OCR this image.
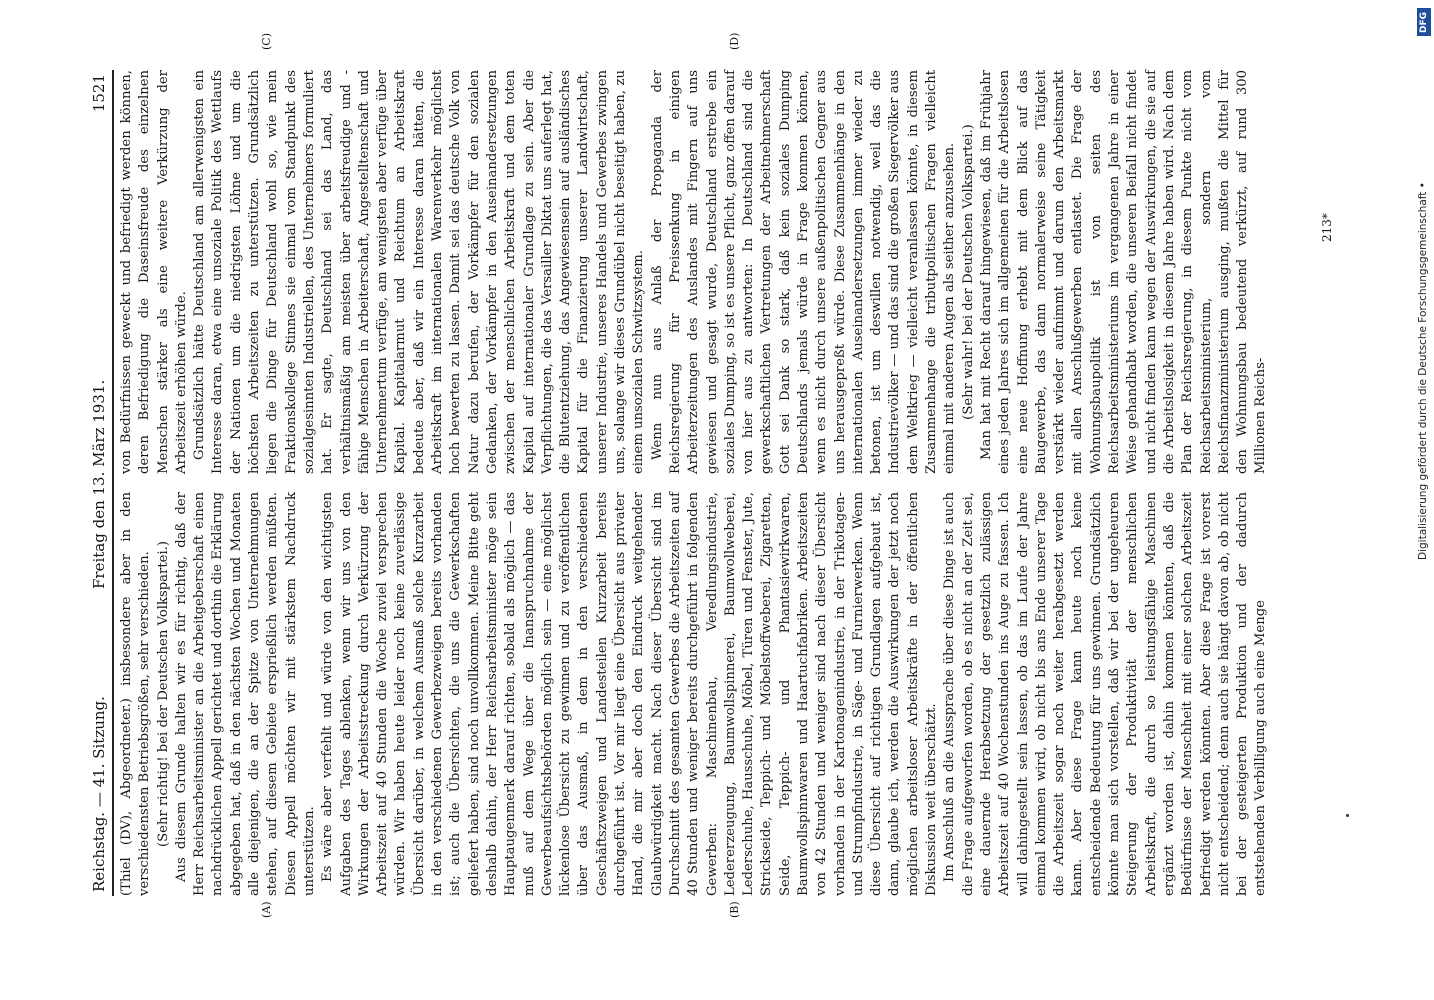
Reichstag. — 41. Sitzung.
Freitag den 13. März 1931.
1521
(A)	(B)
(C)	(D)

(Thiel (DV), Abgeordneter.) insbesondere aber in den verschiedensten Betriebsgrößen, sehr verschieden. (Sehr richtig! bei der Deutschen Volkspartei.) Aus diesem Grunde halten wir es für richtig, daß der Herr Reichsarbeitsminister an die Arbeitgeberschaft einen nachdrücklichen Appell gerichtet und dorthin die Erklärung abgegeben hat, daß in den nächsten Wochen und Monaten alle diejenigen, die an der Spitze von Unternehmungen stehen, auf diesem Gebiete ersprießlich werden müßten. Diesen Appell möchten wir mit stärkstem Nachdruck unterstützen. Es wäre aber verfehlt und würde von den wichtigsten Aufgaben des Tages ablenken, wenn wir uns von den Wirkungen der Arbeitsstreckung durch Verkürzung der Arbeitszeit auf 40 Stunden die Woche zuviel versprechen würden. Wir haben heute leider noch keine zuverlässige Übersicht darüber, in welchem Ausmaß solche Kurzarbeit in den verschiedenen Gewerbezweigen bereits vorhanden ist; auch die Übersichten, die uns die Gewerkschaften geliefert haben, sind noch unvollkommen. Meine Bitte geht deshalb dahin, der Herr Reichsarbeitsminister möge sein Hauptaugenmerk darauf richten, sobald als möglich — das muß auf dem Wege über die Inanspruchnahme der Gewerbeaufsichtsbehörden möglich sein — eine möglichst lückenlose Übersicht zu gewinnen und zu veröffentlichen über das Ausmaß, in dem in den verschiedenen Geschäftszweigen und Landesteilen Kurzarbeit bereits durchgeführt ist. Vor mir liegt eine Übersicht aus privater Hand, die mir aber doch den Eindruck weitgehender Glaubwürdigkeit macht. Nach dieser Übersicht sind im Durchschnitt des gesamten Gewerbes die Arbeitszeiten auf 40 Stunden und weniger bereits durchgeführt in folgenden Gewerben: Maschinenbau, Veredlungsindustrie, Ledererzeugung, Baumwollspinnerei, Baumwollweberei, Lederschuhe, Hausschuhe, Möbel, Türen und Fenster, Jute, Strickseide, Teppich- und Möbelstoffweberei, Zigaretten, Seide, Teppich- und Phantasiewirkwaren, Baumwollspinnwaren und Haartuchfabriken. Arbeitszeiten von 42 Stunden und weniger sind nach dieser Übersicht vorhanden in der Kartonagenindustrie, in der Trikotagen- und Strumpfindustrie, in Säge- und Furnierwerken. Wenn diese Übersicht auf richtigen Grundlagen aufgebaut ist, dann, glaube ich, werden die Auswirkungen der jetzt noch möglichen arbeitsloser Arbeitskräfte in der öffentlichen Diskussion weit überschätzt. Im Anschluß an die Aussprache über diese Dinge ist auch die Frage aufgeworfen worden, ob es nicht an der Zeit sei, eine dauernde Herabsetzung der gesetzlich zulässigen Arbeitszeit auf 40 Wochenstunden ins Auge zu fassen. Ich will dahingestellt sein lassen, ob das im Laufe der Jahre einmal kommen wird, ob nicht bis ans Ende unserer Tage die Arbeitszeit sogar noch weiter herabgesetzt werden kann. Aber diese Frage kann heute noch keine entscheidende Bedeutung für uns gewinnen. Grundsätzlich könnte man sich vorstellen, daß wir bei der ungeheuren Steigerung der Produktivität der menschlichen Arbeitskraft, die durch so leistungsfähige Maschinen ergänzt worden ist, dahin kommen könnten, daß die Bedürfnisse der Menschheit mit einer solchen Arbeitszeit befriedigt werden könnten. Aber diese Frage ist vorerst nicht entscheidend; denn auch sie hängt davon ab, ob nicht bei der gesteigerten Produktion und der dadurch entstehenden Verbilligung auch eine Menge

von Bedürfnissen geweckt und befriedigt werden können, deren Befriedigung die Daseinsfreude des einzelnen Menschen stärker als eine weitere Verkürzung der Arbeitszeit erhöhen würde. Grundsätzlich hätte Deutschland am allerwenigsten ein Interesse daran, etwa eine unsoziale Politik des Wettlaufs der Nationen um die niedrigsten Löhne und um die höchsten Arbeitszeiten zu unterstützen. Grundsätzlich liegen die Dinge für Deutschland wohl so, wie mein Fraktionskollege Stinnes sie einmal vom Standpunkt des sozialgesinnten Industriellen, des Unternehmers formuliert hat. Er sagte, Deutschland sei das Land, das verhältnismäßig am meisten über arbeitsfreudige und -fähige Menschen in Arbeiterschaft, Angestelltenschaft und Unternehmertum verfüge, am wenigsten aber verfüge über Kapital. Kapitalarmut und Reichtum an Arbeitskraft bedeute aber, daß wir ein Interesse daran hätten, die Arbeitskraft im internationalen Warenverkehr möglichst hoch bewerten zu lassen. Damit sei das deutsche Volk von Natur dazu berufen, der Vorkämpfer für den sozialen Gedanken, der Vorkämpfer in den Auseinandersetzungen zwischen der menschlichen Arbeitskraft und dem toten Kapital auf internationaler Grundlage zu sein. Aber die Verpflichtungen, die das Versailler Diktat uns auferlegt hat, die Blutentziehung, das Angewiesensein auf ausländisches Kapital für die Finanzierung unserer Landwirtschaft, unserer Industrie, unseres Handels und Gewerbes zwingen uns, solange wir dieses Grundübel nicht beseitigt haben, zu einem unsozialen Schwitzsystem. Wenn nun aus Anlaß der Propaganda der Reichsregierung für Preissenkung in einigen Arbeiterzeitungen des Auslandes mit Fingern auf uns gewiesen und gesagt wurde, Deutschland erstrebe ein soziales Dumping, so ist es unsere Pflicht, ganz offen darauf von hier aus zu antworten: In Deutschland sind die gewerkschaftlichen Vertretungen der Arbeitnehmerschaft Gott sei Dank so stark, daß kein soziales Dumping Deutschlands jemals würde in Frage kommen können, wenn es nicht durch unsere außenpolitischen Gegner aus uns herausgepreßt würde. Diese Zusammenhänge in den internationalen Auseinandersetzungen immer wieder zu betonen, ist um deswillen notwendig, weil das die Industrievölker — und das sind die großen Siegervölker aus dem Weltkrieg — vielleicht veranlassen könnte, in diesem Zusammenhange die tributpolitischen Fragen vielleicht einmal mit anderen Augen als seither anzusehen. (Sehr wahr! bei der Deutschen Volkspartei.) Man hat mit Recht darauf hingewiesen, daß im Frühjahr eines jeden Jahres sich im allgemeinen für die Arbeitslosen eine neue Hoffnung erhebt mit dem Blick auf das Baugewerbe, das dann normalerweise seine Tätigkeit verstärkt wieder aufnimmt und darum den Arbeitsmarkt mit allen Anschlußgewerben entlastet. Die Frage der Wohnungsbaupolitik ist von seiten des Reichsarbeitsministeriums im vergangenen Jahre in einer Weise gehandhabt worden, die unseren Beifall nicht findet und nicht finden kann wegen der Auswirkungen, die sie auf die Arbeitslosigkeit in diesem Jahre haben wird. Nach dem Plan der Reichsregierung, in diesem Punkte nicht vom Reichsarbeitsministerium, sondern vom Reichsfinanzministerium ausging, mußten die Mittel für den Wohnungsbau bedeutend verkürzt, auf rund 300 Millionen Reichs-

213*
DFG
Digitalisierung gefördert durch die Deutsche Forschungsgemeinschaft •
